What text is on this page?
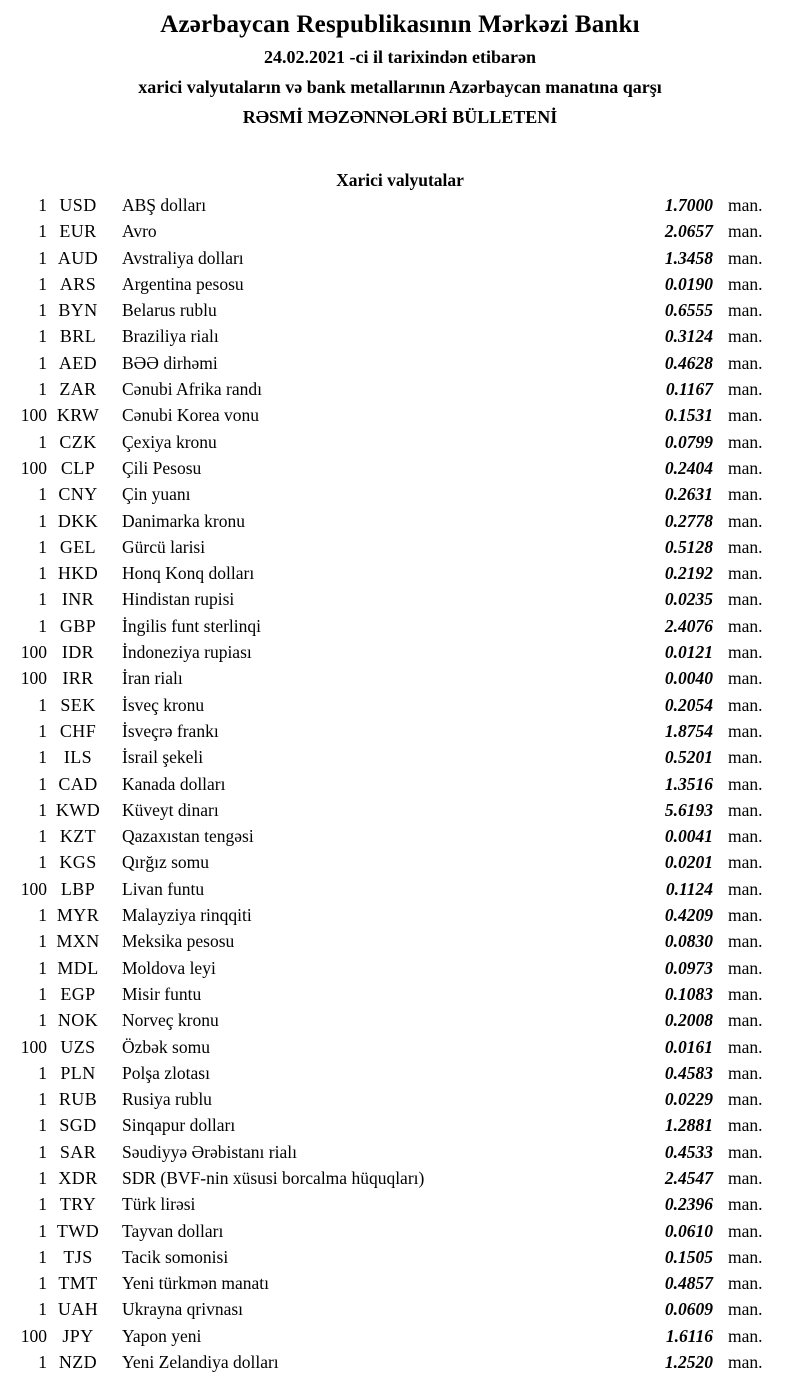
Azərbaycan Respublikasının Mərkəzi Bankı
24.02.2021 -ci il tarixindən etibarən
xarici valyutaların və bank metallarının Azərbaycan manatına qarşı
RƏSMİ MƏZƏNNƏLƏRİ BÜLLETENİ
Xarici valyutalar
1 USD	ABŞ dolları	1.7000 man.
1 EUR	Avro	2.0657 man.
1 AUD	Avstraliya dolları	1.3458 man.
1 ARS	Argentina pesosu	0.0190 man.
1 BYN	Belarus rublu	0.6555 man.
1 BRL	Braziliya rialı	0.3124 man.
1 AED	BƏƏ dirhəmi	0.4628 man.
1 ZAR	Cənubi Afrika randı	0.1167 man.
100 KRW	Cənubi Korea vonu	0.1531 man.
1 CZK	Çexiya kronu	0.0799 man.
100 CLP	Çili Pesosu	0.2404 man.
1 CNY	Çin yuanı	0.2631 man.
1 DKK	Danimarka kronu	0.2778 man.
1 GEL	Gürcü larisi	0.5128 man.
1 HKD	Honq Konq dolları	0.2192 man.
1 INR	Hindistan rupisi	0.0235 man.
1 GBP	İngilis funt sterlinqi	2.4076 man.
100 IDR	İndoneziya rupiası	0.0121 man.
100 IRR	İran rialı	0.0040 man.
1 SEK	İsveç kronu	0.2054 man.
1 CHF	İsveçrə frankı	1.8754 man.
1 ILS	İsrail şekeli	0.5201 man.
1 CAD	Kanada dolları	1.3516 man.
1 KWD	Küveyt dinarı	5.6193 man.
1 KZT	Qazaxıstan tengəsi	0.0041 man.
1 KGS	Qırğız somu	0.0201 man.
100 LBP	Livan funtu	0.1124 man.
1 MYR	Malayziya rinqqiti	0.4209 man.
1 MXN	Meksika pesosu	0.0830 man.
1 MDL	Moldova leyi	0.0973 man.
1 EGP	Misir funtu	0.1083 man.
1 NOK	Norveç kronu	0.2008 man.
100 UZS	Özbək somu	0.0161 man.
1 PLN	Polşa zlotası	0.4583 man.
1 RUB	Rusiya rublu	0.0229 man.
1 SGD	Sinqapur dolları	1.2881 man.
1 SAR	Səudiyyə Ərəbistanı rialı	0.4533 man.
1 XDR	SDR (BVF-nin xüsusi borcalma hüquqları)	2.4547 man.
1 TRY	Türk lirəsi	0.2396 man.
1 TWD	Tayvan dolları	0.0610 man.
1 TJS	Tacik somonisi	0.1505 man.
1 TMT	Yeni türkmən manatı	0.4857 man.
1 UAH	Ukrayna qrivnası	0.0609 man.
100 JPY	Yapon yeni	1.6116 man.
1 NZD	Yeni Zelandiya dolları	1.2520 man.
